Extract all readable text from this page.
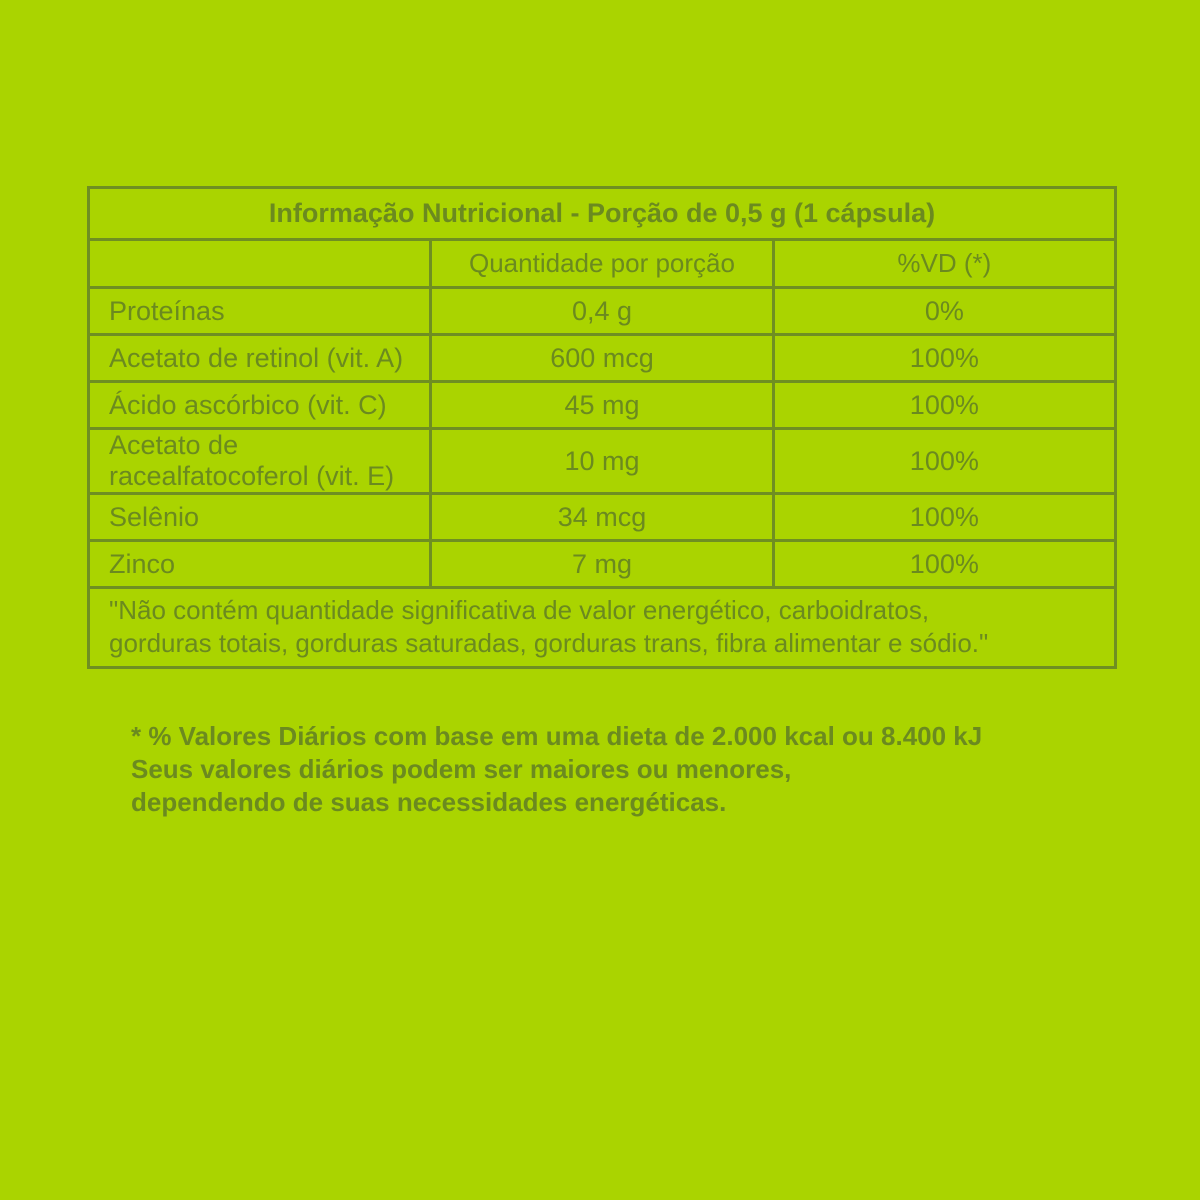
Informação Nutricional - Porção de 0,5 g (1 cápsula)		
	Quantidade por porção	%VD (*)
Proteínas	0,4 g	0%
Acetato de retinol (vit. A)	600 mcg	100%
Ácido ascórbico (vit. C)	45 mg	100%
Acetato de racealfatocoferol (vit. E)	10 mg	100%
Selênio	34 mcg	100%
Zinco	7 mg	100%

"Não contém quantidade significativa de valor energético, carboidratos,
gorduras totais, gorduras saturadas, gorduras trans, fibra alimentar e sódio."		
* % Valores Diários com base em uma dieta de 2.000 kcal ou 8.400 kJ
Seus valores diários podem ser maiores ou menores,
dependendo de suas necessidades energéticas.
